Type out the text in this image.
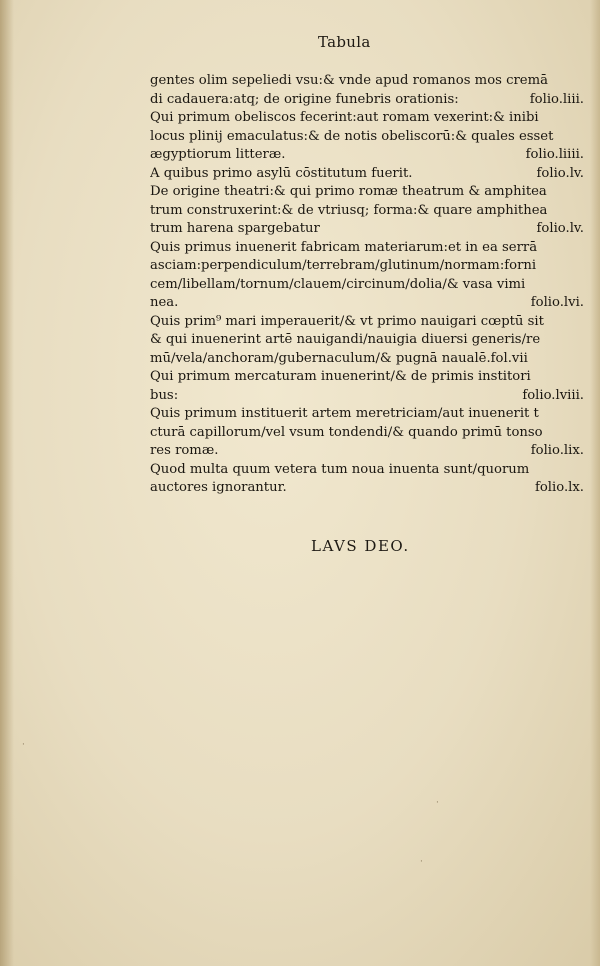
Tabula
gentes olim sepeliedi vsu:& vnde apud romanos mos cremā
di cadauera:atq; de origine funebris orationis:	folio.liii.
Qui primum obeliscos fecerint:aut romam vexerint:& inibi
locus plinij emaculatus:& de notis obeliscorū:& quales esset
ægyptiorum litteræ.	folio.liiii.
A quibus primo asylū cōstitutum fuerit.	folio.lv.
De origine theatri:& qui primo romæ theatrum & amphitea
trum construxerint:& de vtriusq; forma:& quare amphithea
trum harena spargebatur	folio.lv.
Quis primus inuenerit fabricam materiarum:et in ea serrā
asciam:perpendiculum/terrebram/glutinum/normam:forni
cem/libellam/tornum/clauem/circinum/dolia/& vasa vimi
nea.	folio.lvi.
Quis prim⁹ mari imperauerit/& vt primo nauigari cœptū sit
& qui inuenerint artē nauigandi/nauigia diuersi generis/re
mū/vela/anchoram/gubernaculum/& pugnā naualē.fol.vii
Qui primum mercaturam inuenerint/& de primis institori
bus:	folio.lviii.
Quis primum instituerit artem meretriciam/aut inuenerit t
cturā capillorum/vel vsum tondendi/& quando primū tonso
res romæ.	folio.lix.
Quod multa quum vetera tum noua inuenta sunt/quorum
auctores ignorantur.	folio.lx.
LAVS DEO.
·
·
·
